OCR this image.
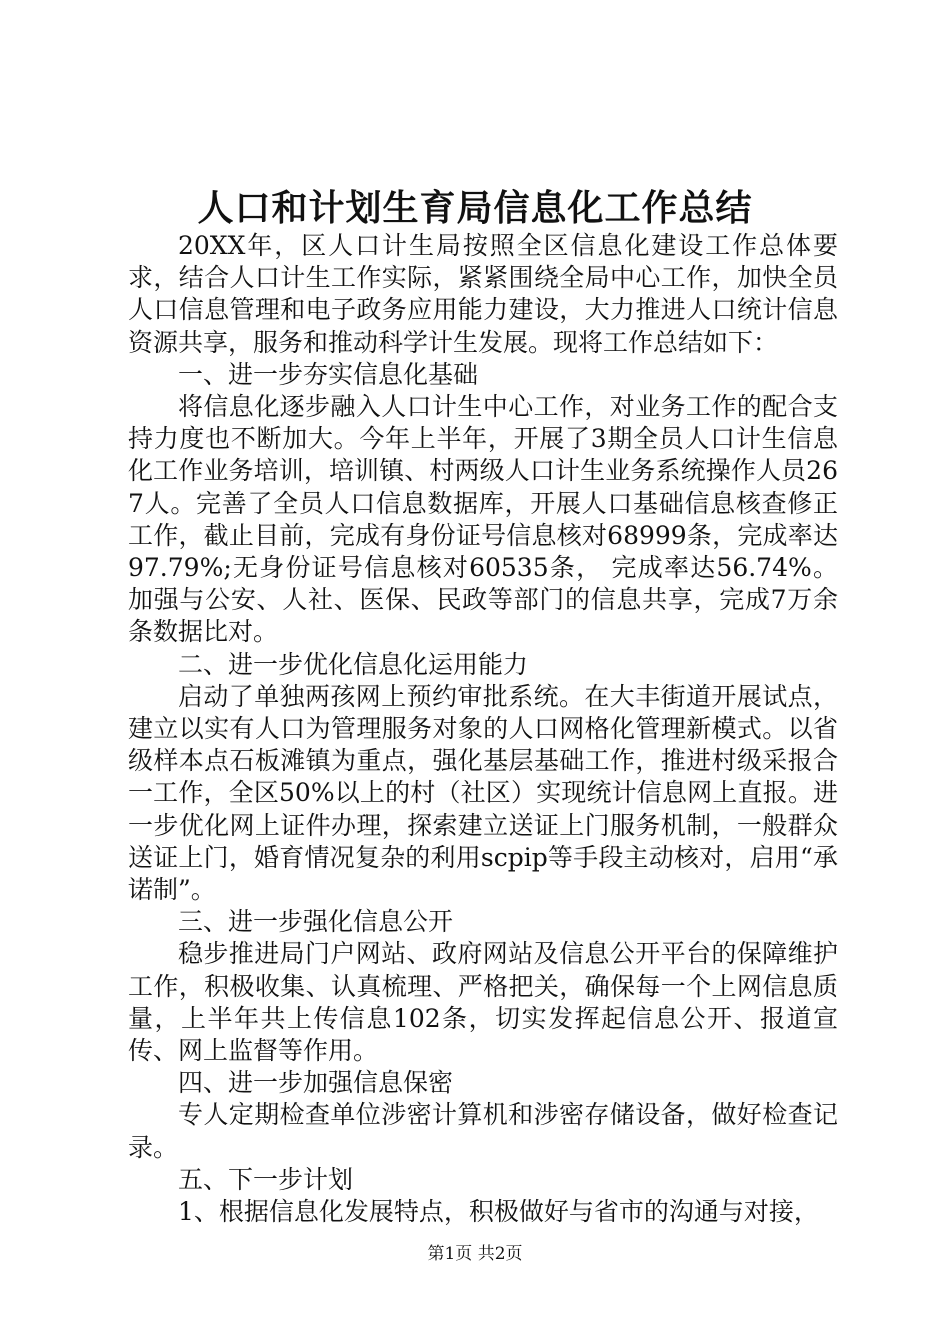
人口和计划生育局信息化工作总结

20XX年，区人口计生局按照全区信息化建设工作总体要求，结合人口计生工作实际，紧紧围绕全局中心工作，加快全员人口信息管理和电子政务应用能力建设，大力推进人口统计信息资源共享，服务和推动科学计生发展。现将工作总结如下：

一、进一步夯实信息化基础

将信息化逐步融入人口计生中心工作，对业务工作的配合支持力度也不断加大。今年上半年，开展了3期全员人口计生信息化工作业务培训，培训镇、村两级人口计生业务系统操作人员267人。完善了全员人口信息数据库，开展人口基础信息核查修正工作，截止目前，完成有身份证号信息核对68999条，完成率达97.79%;无身份证号信息核对60535条， 完成率达56.74%。加强与公安、人社、医保、民政等部门的信息共享，完成7万余条数据比对。

二、进一步优化信息化运用能力

启动了单独两孩网上预约审批系统。在大丰街道开展试点，建立以实有人口为管理服务对象的人口网格化管理新模式。以省级样本点石板滩镇为重点，强化基层基础工作，推进村级采报合一工作，全区50%以上的村（社区）实现统计信息网上直报。进一步优化网上证件办理，探索建立送证上门服务机制，一般群众送证上门，婚育情况复杂的利用scpip等手段主动核对，启用“承诺制”。

三、进一步强化信息公开

稳步推进局门户网站、政府网站及信息公开平台的保障维护工作，积极收集、认真梳理、严格把关，确保每一个上网信息质量，上半年共上传信息102条，切实发挥起信息公开、报道宣传、网上监督等作用。

四、进一步加强信息保密

专人定期检查单位涉密计算机和涉密存储设备，做好检查记录。

五、下一步计划

1、根据信息化发展特点，积极做好与省市的沟通与对接，

第1页 共2页
